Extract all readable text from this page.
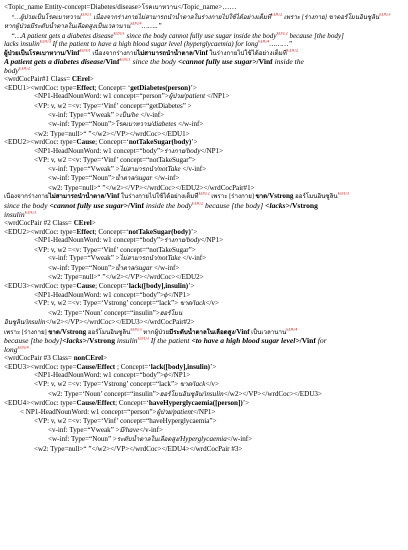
<Topic_name Entity-concept=Diabetes/disease>โรคเบาหวาน</Topic_name>……
“…ผู้ป่วยเป็นโรคเบาหวาน$^{EDU1}$ เนื่องจากร่างกายไม่สามารถนำน้ำตาลในร่างกายไปใช้ได้อย่างเต็มที่$^{EDU2}$ เพราะ [ร่างกาย] ขาดอร์โมนอินซูลิน$^{EDU3}$
หากผู้ป่วยมีระดับน้ำตาลในเลือดสูงเป็นเวลานาน$^{EDU4}$……..”
“…A patient gets a diabetes disease$^{EDU1}$ since the body cannot fully use sugar inside the body$^{EDU2}$ because [the body]
lacks insulin$^{EDU3}$ If the patient to have a high blood sugar level (hyperglycaemia) for long$^{EDU4}$………”
ผู้ป่วยเป็นโรคเบาหวาน/Vinf$^{EDU1}$ เนื่องจากร่างกายไม่สามารถนำน้ำตาล/Vinf ในร่างกายไปใช้ได้อย่างเต็มที่$^{EDU2}$
A patient gets a diabetes disease/Vinf$^{EDU1}$ since the body <cannot fully use sugar>/Vinf inside the
body$^{EDU2}$
<wrdCocPair#1 Class= CErel>
<EDU1><wrdCoc: type=Effect; Concept= ‘getDiabetes(person)’>
<NP1-HeadNounWord: w1 concept=“person”>ผู้ป่วย/patient </NP1>
<VP: v, w2 =<v: Type=‘Vinf’ concept=“getDiabetes” >
<v-inf: Type=“Vweak” >เป็น/be </v-inf>
<w-inf: Type=“Noun”>โรคเบาหวาน/diabetes </w-inf>
<w2: Type=null>“ ”</w2></VP></wrdCoc></EDU1>
<EDU2><wrdCoc: type=Cause; Concept=‘notTakeSugar(body)’>
<NP1-HeadNounWord: w1 concept=“body”>ร่างกาย/body</NP1>
<VP: v, w2 =<v: Type=‘Vinf’ concept=“notTakeSugar”>
<v-inf: Type=“Vweak” >ไม่สามารถนำ/notTake </v-inf>
<w-inf: Type=“Noun”>น้ำตาล/sugar </w-inf>
<w2: Type=null>“ ”</w2></VP></wrdCoc></EDU2></wrdCocPair#1>
เนื่องจากร่างกายไม่สามารถนำน้ำตาล/Vinf ในร่างกายไปใช้ได้อย่างเต็มที่$^{EDU2}$ เพราะ [ร่างกาย] ขาด/Vstrong ฮอร์โมนอินซูลิน$^{EDU3}$
since the body <cannot fully use sugar>/Vinf inside the body$^{EDU2}$ because [the body] <lacks>/Vstrong
insulin$^{EDU3}$
<wrdCocPair #2 Class= CErel>
<EDU2><wrdCoc: type=Effect; Concept=‘notTakeSugar(body)’>
<NP1-HeadNounWord: w1 concept=“body”>ร่างกาย/body</NP1>
<VP: v, w2 =<v: Type=‘Vinf’ concept=“notTakeSugar”>
<v-inf: Type=“Vweak” >ไม่สามารถนำ/notTake </v-inf>
<w-inf: Type=“Noun”>น้ำตาล/sugar </w-inf>
<w2: Type=null>“ ”</w2></VP></wrdCoc></EDU2>
<EDU3><wrdCoc: type=Cause; Concept=‘lack([body],insulin)’>
<NP1-HeadNounWord: w1 concept=“body”>ϕ</NP1>
<VP: v, w2 =<v: Type=‘Vstrong’ concept=“lack”> ขาด/lack</v>
<w2: Type=‘Noun’ concept=“insulin”>ฮอร์โมน
อินซูลิน/insulin</w2></VP></wrdCoc></EDU3></wrdCocPair#2>
เพราะ [ร่างกาย] ขาด/Vstrong ฮอร์โมนอินซูลิน$^{EDU3}$ หากผู้ป่วยมีระดับน้ำตาลในเลือดสูง/Vinf เป็นเวลานาน$^{EDU4}$
because [the body]<lacks>/Vstrong insulin$^{EDU3}$ If the patient <to have a high blood sugar level>/Vinf for
long$^{EDU4}$
<wrdCocPair #3 Class= nonCErel>
<EDU3><wrdCoc: type=Cause/Effect ; Concept=‘lack([body],insulin)’>
<NP1-HeadNounWord: w1 concept=“body”>ϕ</NP1>
<VP: v, w2 =<v: Type=‘Vstrong’ concept=“lack”> ขาด/lack</v>
<w2: Type=‘Noun’ concept=“insulin”>ฮอร์โมนอินซูลิน/insulin</w2></VP></wrdCoc></EDU3>
<EDU4><wrdCoc: type=Cause/Effect; Concept=‘haveHyperglycaemia([person])’>
< NP1-HeadNounWord: w1 concept=“person”>ผู้ป่วย/patient</NP1>
<VP: v, w2 =<v: Type=‘Vinf’ concept=“haveHyperglycaemia”>
<v-inf: Type=“Vweak” >มี/have</v-inf>
<w-inf: Type=“Noun” >ระดับน้ำตาลในเลือดสูง/Hyperglycaemia</w-inf>
<w2: Type=null>“ ”</w2></VP></wrdCoc></EDU4></wrdCocPair #3>
